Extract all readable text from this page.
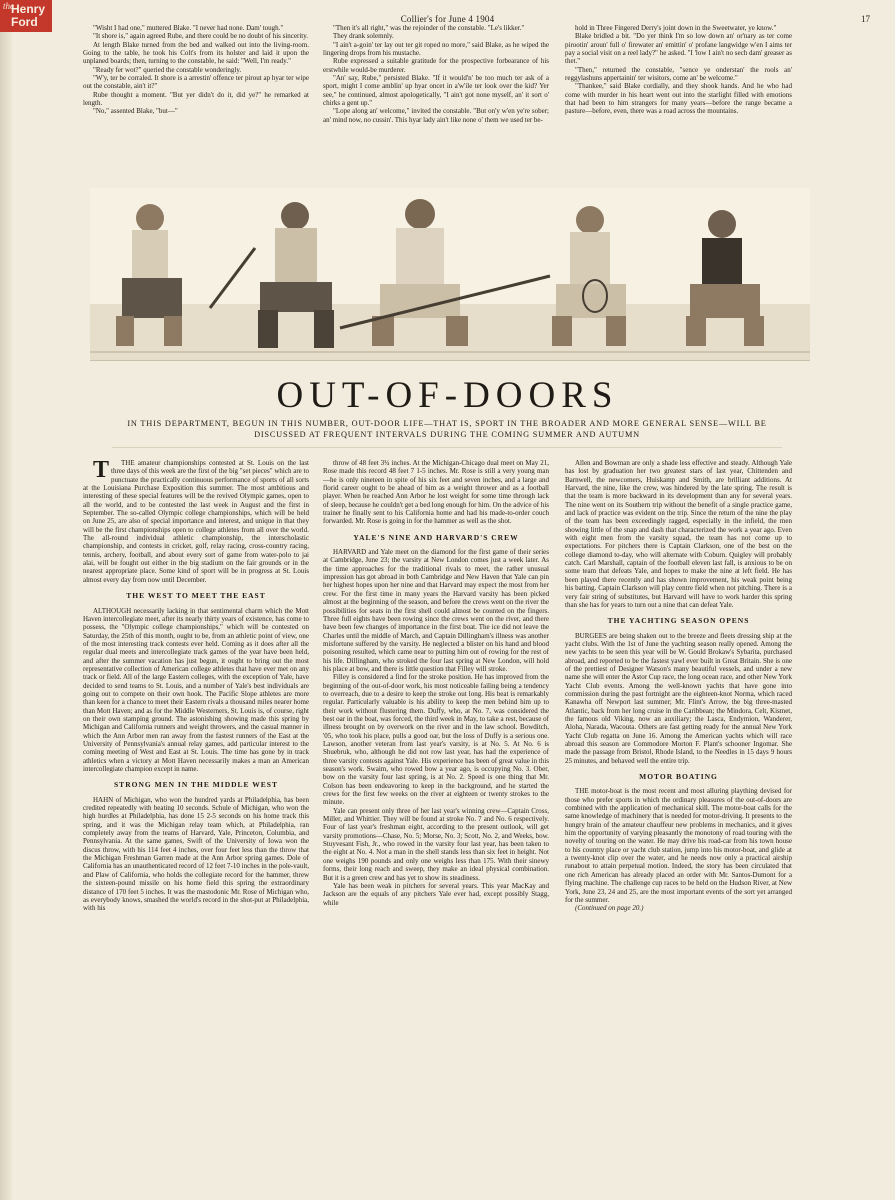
the
Henry Ford	Collier's for June 4 1904	17

"Wisht I had one," muttered Blake. "I never had none. Dam' tough."

"It shore is," again agreed Rube, and there could be no doubt of his sincerity.

At length Blake turned from the bed and walked out into the living-room. Going to the table, he took his Colt's from its holster and laid it upon the unplaned boards; then, turning to the constable, he said: "Well, I'm ready."

"Ready fer wot?" queried the constable wonderingly.

"W'y, ter be corraled. It shore is a arrestin' offence ter pirout ap hyar ter wipe out the constable, ain't it?"

Rube thought a moment. "But yer didn't do it, did ye?" he remarked at length.

"No," assented Blake, "but—"

"Then it's all right," was the rejoinder of the constable. "Le's likker."

They drank solemnly.

"I ain't a-goin' ter lay out ter git roped no more," said Blake, as he wiped the lingering drops from his mustache.

Rube expressed a suitable gratitude for the prospective forbearance of his erstwhile would-be murderer.

"An' say, Rube," persisted Blake. "If it would'n' be too much ter ask of a sport, might I come amblin' up hyar oncet in a'w'ile ter look over the kid? Yer see," he continued, almost apologetically, "I ain't got none myself, an' it sort o' chirks a gent up."

"Lope along an' welcome," invited the constable. "But on'y w'en ye're sober; an' mind now, no cussin'. This hyar lady ain't like none o' them we used ter be-

hold in Three Fingered Derry's joint down in the Sweetwater, ye know."

Blake bridled a bit. "Do yer think I'm so low down an' or'nary as ter come pirootin' aroun' full o' firewater an' emittin' o' profane langwidge w'en I aims ter pay a social visit on a reel lady?" he asked. "I 'low I ain't no sech dam' greaser as thet."

"Then," returned the constable, "sence ye onderstan' the rools an' reggylashuns appertainin' ter wisitors, come an' be welcome."

"Thankee," said Blake cordially, and they shook hands. And he who had come with murder in his heart went out into the starlight filled with emotions that had been to him strangers for many years—before the range became a pasture—before, even, there was a road across the mountains.

OUT-OF-DOORS
IN THIS DEPARTMENT, BEGUN IN THIS NUMBER, OUT-DOOR LIFE—THAT IS, SPORT IN THE BROADER AND MORE GENERAL SENSE—WILL BE DISCUSSED AT FREQUENT INTERVALS DURING THE COMING SUMMER AND AUTUMN

T THE amateur championships contested at St. Louis on the last three days of this week are the first of the big "set pieces" which are to punctuate the practically continuous performance of sports of all sorts at the Louisiana Purchase Exposition this summer. The most ambitious and interesting of these special features will be the revived Olympic games, open to all the world, and to be contested the last week in August and the first in September. The so-called Olympic college championships, which will be held on June 25, are also of special importance and interest, and unique in that they will be the first championships open to college athletes from all over the world. The all-round individual athletic championship, the interscholastic championship, and contests in cricket, golf, relay racing, cross-country racing, tennis, archery, football, and about every sort of game from water-polo to jai alai, will be fought out either in the big stadium on the fair grounds or in the nearest appropriate place. Some kind of sport will be in progress at St. Louis almost every day from now until December.

THE WEST TO MEET THE EAST

ALTHOUGH necessarily lacking in that sentimental charm which the Mott Haven intercollegiate meet, after its nearly thirty years of existence, has come to possess, the "Olympic college championships," which will be contested on Saturday, the 25th of this month, ought to be, from an athletic point of view, one of the most interesting track contests ever held. Coming as it does after all the regular dual meets and intercollegiate track games of the year have been held, and after the summer vacation has just begun, it ought to bring out the most representative collection of American college athletes that have ever met on any track or field. All of the large Eastern colleges, with the exception of Yale, have decided to send teams to St. Louis, and a number of Yale's best individuals are going out to compete on their own hook. The Pacific Slope athletes are more than keen for a chance to meet their Eastern rivals a thousand miles nearer home than Mott Haven; and as for the Middle Westerners, St. Louis is, of course, right on their own stamping ground. The astonishing showing made this spring by Michigan and California runners and weight throwers, and the casual manner in which the Ann Arbor men ran away from the fastest runners of the East at the University of Pennsylvania's annual relay games, add particular interest to the coming meeting of West and East at St. Louis. The time has gone by in track athletics when a victory at Mott Haven necessarily makes a man an American intercollegiate champion except in name.

STRONG MEN IN THE MIDDLE WEST

HAHN of Michigan, who won the hundred yards at Philadelphia, has been credited repeatedly with beating 10 seconds. Schule of Michigan, who won the high hurdles at Philadelphia, has done 15 2-5 seconds on his home track this spring, and it was the Michigan relay team which, at Philadelphia, ran completely away from the teams of Harvard, Yale, Princeton, Columbia, and Pennsylvania. At the same games, Swift of the University of Iowa won the discus throw, with his 114 feet 4 inches, over four feet less than the throw that the Michigan Freshman Garren made at the Ann Arbor spring games. Dole of California has an unauthenticated record of 12 feet 7-10 inches in the pole-vault, and Plaw of California, who holds the collegiate record for the hammer, threw the sixteen-pound missile on his home field this spring the extraordinary distance of 170 feet 5 inches. It was the mastodonic Mr. Rose of Michigan who, as everybody knows, smashed the world's record in the shot-put at Philadelphia, with his

throw of 48 feet 3¾ inches. At the Michigan-Chicago dual meet on May 21, Rose made this record 48 feet 7 1-5 inches. Mr. Rose is still a very young man—he is only nineteen in spite of his six feet and seven inches, and a large and florid career ought to be ahead of him as a weight thrower and as a football player. When he reached Ann Arbor he lost weight for some time through lack of sleep, because he couldn't get a bed long enough for him. On the advice of his trainer he finally sent to his California home and had his made-to-order couch forwarded. Mr. Rose is going in for the hammer as well as the shot.

YALE'S NINE AND HARVARD'S CREW

HARVARD and Yale meet on the diamond for the first game of their series at Cambridge, June 23; the varsity at New London comes just a week later. As the time approaches for the traditional rivals to meet, the rather unusual impression has got abroad in both Cambridge and New Haven that Yale can pin her highest hopes upon her nine and that Harvard may expect the most from her crew. For the first time in many years the Harvard varsity has been picked almost at the beginning of the season, and before the crews went on the river the possibilities for seats in the first shell could almost be counted on the fingers. Three full eights have been rowing since the crews went on the river, and there have been few changes of importance in the first boat. The ice did not leave the Charles until the middle of March, and Captain Dillingham's illness was another misfortune suffered by the varsity. He neglected a blister on his hand and blood poisoning resulted, which came near to putting him out of rowing for the rest of his life. Dillingham, who stroked the four last spring at New London, will hold his place at bow, and there is little question that Filley will stroke.

Filley is considered a find for the stroke position. He has improved from the beginning of the out-of-door work, his most noticeable failing being a tendency to overreach, due to a desire to keep the stroke out long. His beat is remarkably regular. Particularly valuable is his ability to keep the men behind him up to their work without flustering them. Duffy, who, at No. 7, was considered the best oar in the boat, was forced, the third week in May, to take a rest, because of illness brought on by overwork on the river and in the law school. Bowditch, '05, who took his place, pulls a good oar, but the loss of Duffy is a serious one. Lawson, another veteran from last year's varsity, is at No. 5. At No. 6 is Shuebruk, who, although he did not row last year, has had the experience of three varsity contests against Yale. His experience has been of great value in this season's work. Swaim, who rowed bow a year ago, is occupying No. 3. Ober, bow on the varsity four last spring, is at No. 2. Speed is one thing that Mr. Colson has been endeavoring to keep in the background, and he started the crews for the first few weeks on the river at eighteen or twenty strokes to the minute.

Yale can present only three of her last year's winning crew—Captain Cross, Miller, and Whittier. They will be found at stroke No. 7 and No. 6 respectively. Four of last year's freshman eight, according to the present outlook, will get varsity promotions—Chase, No. 5; Morse, No. 3; Scott, No. 2, and Weeks, bow. Stuyvesant Fish, Jr., who rowed in the varsity four last year, has been taken to the eight at No. 4. Not a man in the shell stands less than six feet in height. Not one weighs 190 pounds and only one weighs less than 175. With their sinewy forms, their long reach and sweep, they make an ideal physical combination. But it is a green crew and has yet to show its steadiness.

Yale has been weak in pitchers for several years. This year MacKay and Jackson are the equals of any pitchers Yale ever had, except possibly Stagg, while

Allen and Bowman are only a shade less effective and steady. Although Yale has lost by graduation her two greatest stars of last year, Chittenden and Barnwell, the newcomers, Huiskamp and Smith, are brilliant additions. At Harvard, the nine, like the crew, was hindered by the late spring. The result is that the team is more backward in its development than any for several years. The nine went on its Southern trip without the benefit of a single practice game, and lack of practice was evident on the trip. Since the return of the nine the play of the team has been exceedingly ragged, especially in the infield, the men showing little of the snap and dash that characterized the work a year ago. Even with eight men from the varsity squad, the team has not come up to expectations. For pitchers there is Captain Clarkson, one of the best on the college diamond to-day, who will alternate with Coburn. Quigley will probably catch. Carl Marshall, captain of the football eleven last fall, is anxious to be on some team that defeats Yale, and hopes to make the nine at left field. He has been played there recently and has shown improvement, his weak point being his batting. Captain Clarkson will play centre field when not pitching. There is a very fair string of substitutes, but Harvard will have to work harder this spring than she has for years to turn out a nine that can defeat Yale.

THE YACHTING SEASON OPENS

BURGEES are being shaken out to the breeze and fleets dressing ship at the yacht clubs. With the 1st of June the yachting season really opened. Among the new yachts to be seen this year will be W. Gould Brokaw's Sybarita, purchased abroad, and reported to be the fastest yawl ever built in Great Britain. She is one of the prettiest of Designer Watson's many beautiful vessels, and under a new name she will enter the Astor Cup race, the long ocean race, and other New York Yacht Club events. Among the well-known yachts that have gone into commission during the past fortnight are the eighteen-knot Norma, which raced Kanawha off Newport last summer; Mr. Flint's Arrow, the big three-masted Atlantic, back from her long cruise in the Caribbean; the Mindora, Celt, Kismet, the famous old Viking, now an auxiliary; the Lasca, Endymion, Wanderer, Aloha, Narada, Wacouta. Others are fast getting ready for the annual New York Yacht Club regatta on June 16. Among the American yachts which will race abroad this season are Commodore Morton F. Plant's schooner Ingomar. She made the passage from Bristol, Rhode Island, to the Needles in 15 days 9 hours 25 minutes, and behaved well the entire trip.

MOTOR BOATING

THE motor-boat is the most recent and most alluring plaything devised for those who prefer sports in which the ordinary pleasures of the out-of-doors are combined with the application of mechanical skill. The motor-boat calls for the same knowledge of machinery that is needed for motor-driving. It presents to the hungry brain of the amateur chauffeur new problems in mechanics, and it gives him the opportunity of varying pleasantly the monotony of road touring with the novelty of touring on the water. He may drive his road-car from his town house to his country place or yacht club station, jump into his motor-boat, and glide at a twenty-knot clip over the water, and he needs now only a practical airship runabout to attain perpetual motion. Indeed, the story has been circulated that one rich American has already placed an order with Mr. Santos-Dumont for a flying machine. The challenge cup races to be held on the Hudson River, at New York, June 23, 24 and 25, are the most important events of the sort yet arranged for the summer.

(Continued on page 20.)
